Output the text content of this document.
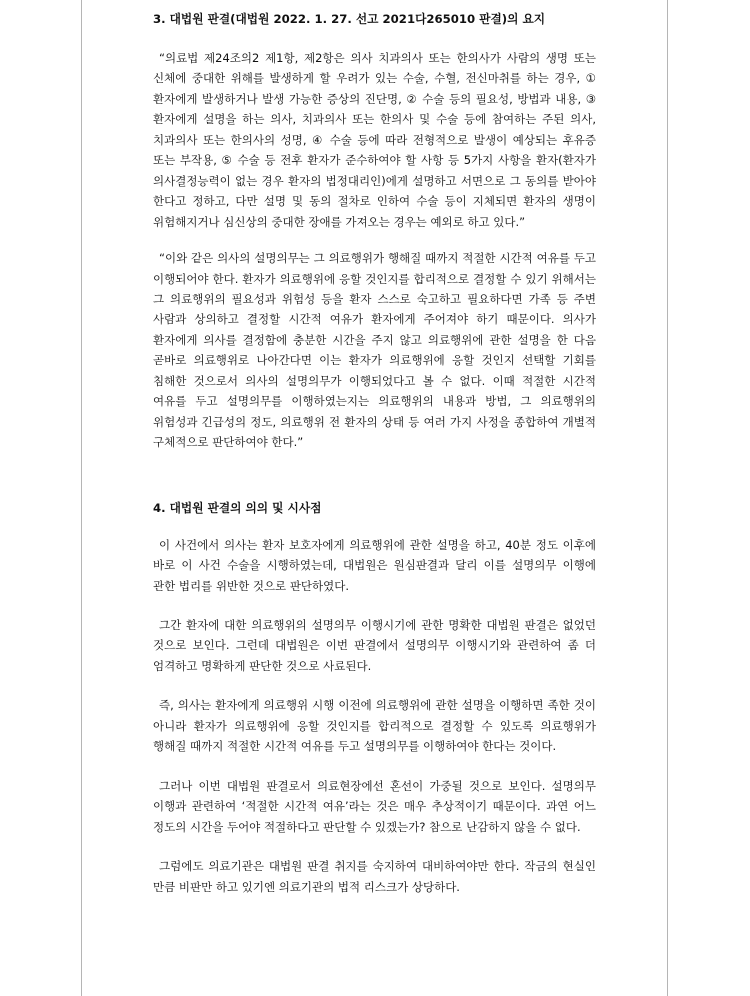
3. 대법원 판결(대법원 2022. 1. 27. 선고 2021다265010 판결)의 요지

“의료법 제24조의2 제1항, 제2항은 의사 치과의사 또는 한의사가 사람의 생명 또는 신체에 중대한 위해를 발생하게 할 우려가 있는 수술, 수혈, 전신마취를 하는 경우, ① 환자에게 발생하거나 발생 가능한 증상의 진단명, ② 수술 등의 필요성, 방법과 내용, ③ 환자에게 설명을 하는 의사, 치과의사 또는 한의사 및 수술 등에 참여하는 주된 의사, 치과의사 또는 한의사의 성명, ④ 수술 등에 따라 전형적으로 발생이 예상되는 후유증 또는 부작용, ⑤ 수술 등 전후 환자가 준수하여야 할 사항 등 5가지 사항을 환자(환자가 의사결정능력이 없는 경우 환자의 법정대리인)에게 설명하고 서면으로 그 동의를 받아야 한다고 정하고, 다만 설명 및 동의 절차로 인하여 수술 등이 지체되면 환자의 생명이 위험해지거나 심신상의 중대한 장애를 가져오는 경우는 예외로 하고 있다.”

“이와 같은 의사의 설명의무는 그 의료행위가 행해질 때까지 적절한 시간적 여유를 두고 이행되어야 한다. 환자가 의료행위에 응할 것인지를 합리적으로 결정할 수 있기 위해서는 그 의료행위의 필요성과 위험성 등을 환자 스스로 숙고하고 필요하다면 가족 등 주변 사람과 상의하고 결정할 시간적 여유가 환자에게 주어져야 하기 때문이다. 의사가 환자에게 의사를 결정함에 충분한 시간을 주지 않고 의료행위에 관한 설명을 한 다음 곧바로 의료행위로 나아간다면 이는 환자가 의료행위에 응할 것인지 선택할 기회를 침해한 것으로서 의사의 설명의무가 이행되었다고 볼 수 없다. 이때 적절한 시간적 여유를 두고 설명의무를 이행하였는지는 의료행위의 내용과 방법, 그 의료행위의 위험성과 긴급성의 정도, 의료행위 전 환자의 상태 등 여러 가지 사정을 종합하여 개별적 구체적으로 판단하여야 한다.”

4. 대법원 판결의 의의 및 시사점

이 사건에서 의사는 환자 보호자에게 의료행위에 관한 설명을 하고, 40분 정도 이후에 바로 이 사건 수술을 시행하였는데, 대법원은 원심판결과 달리 이를 설명의무 이행에 관한 법리를 위반한 것으로 판단하였다.

그간 환자에 대한 의료행위의 설명의무 이행시기에 관한 명확한 대법원 판결은 없었던 것으로 보인다. 그런데 대법원은 이번 판결에서 설명의무 이행시기와 관련하여 좀 더 엄격하고 명확하게 판단한 것으로 사료된다.

즉, 의사는 환자에게 의료행위 시행 이전에 의료행위에 관한 설명을 이행하면 족한 것이 아니라 환자가 의료행위에 응할 것인지를 합리적으로 결정할 수 있도록 의료행위가 행해질 때까지 적절한 시간적 여유를 두고 설명의무를 이행하여야 한다는 것이다.

그러나 이번 대법원 판결로서 의료현장에선 혼선이 가중될 것으로 보인다. 설명의무 이행과 관련하여 ‘적절한 시간적 여유’라는 것은 매우 추상적이기 때문이다. 과연 어느 정도의 시간을 두어야 적절하다고 판단할 수 있겠는가? 참으로 난감하지 않을 수 없다.

그럼에도 의료기관은 대법원 판결 취지를 숙지하여 대비하여야만 한다. 작금의 현실인 만큼 비판만 하고 있기엔 의료기관의 법적 리스크가 상당하다.
